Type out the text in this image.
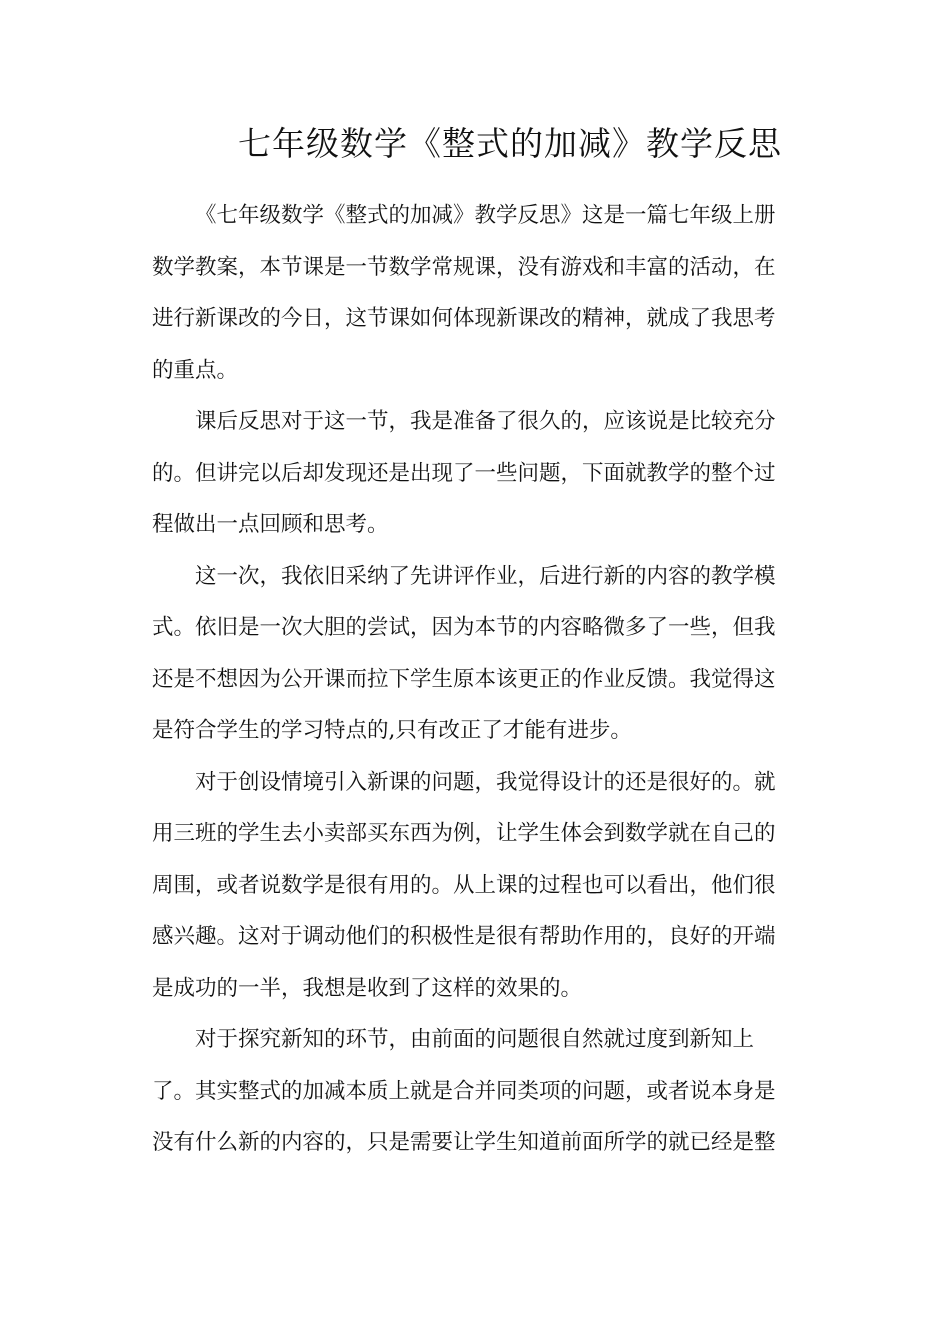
七年级数学《整式的加减》教学反思

《七年级数学《整式的加减》教学反思》这是一篇七年级上册
数学教案，本节课是一节数学常规课，没有游戏和丰富的活动，在
进行新课改的今日，这节课如何体现新课改的精神，就成了我思考
的重点。

课后反思对于这一节，我是准备了很久的，应该说是比较充分
的。但讲完以后却发现还是出现了一些问题，下面就教学的整个过
程做出一点回顾和思考。

这一次，我依旧采纳了先讲评作业，后进行新的内容的教学模
式。依旧是一次大胆的尝试，因为本节的内容略微多了一些，但我
还是不想因为公开课而拉下学生原本该更正的作业反馈。我觉得这
是符合学生的学习特点的,只有改正了才能有进步。

对于创设情境引入新课的问题，我觉得设计的还是很好的。就
用三班的学生去小卖部买东西为例，让学生体会到数学就在自己的
周围，或者说数学是很有用的。从上课的过程也可以看出，他们很
感兴趣。这对于调动他们的积极性是很有帮助作用的，良好的开端
是成功的一半，我想是收到了这样的效果的。

对于探究新知的环节，由前面的问题很自然就过度到新知上
了。其实整式的加减本质上就是合并同类项的问题，或者说本身是
没有什么新的内容的，只是需要让学生知道前面所学的就已经是整
